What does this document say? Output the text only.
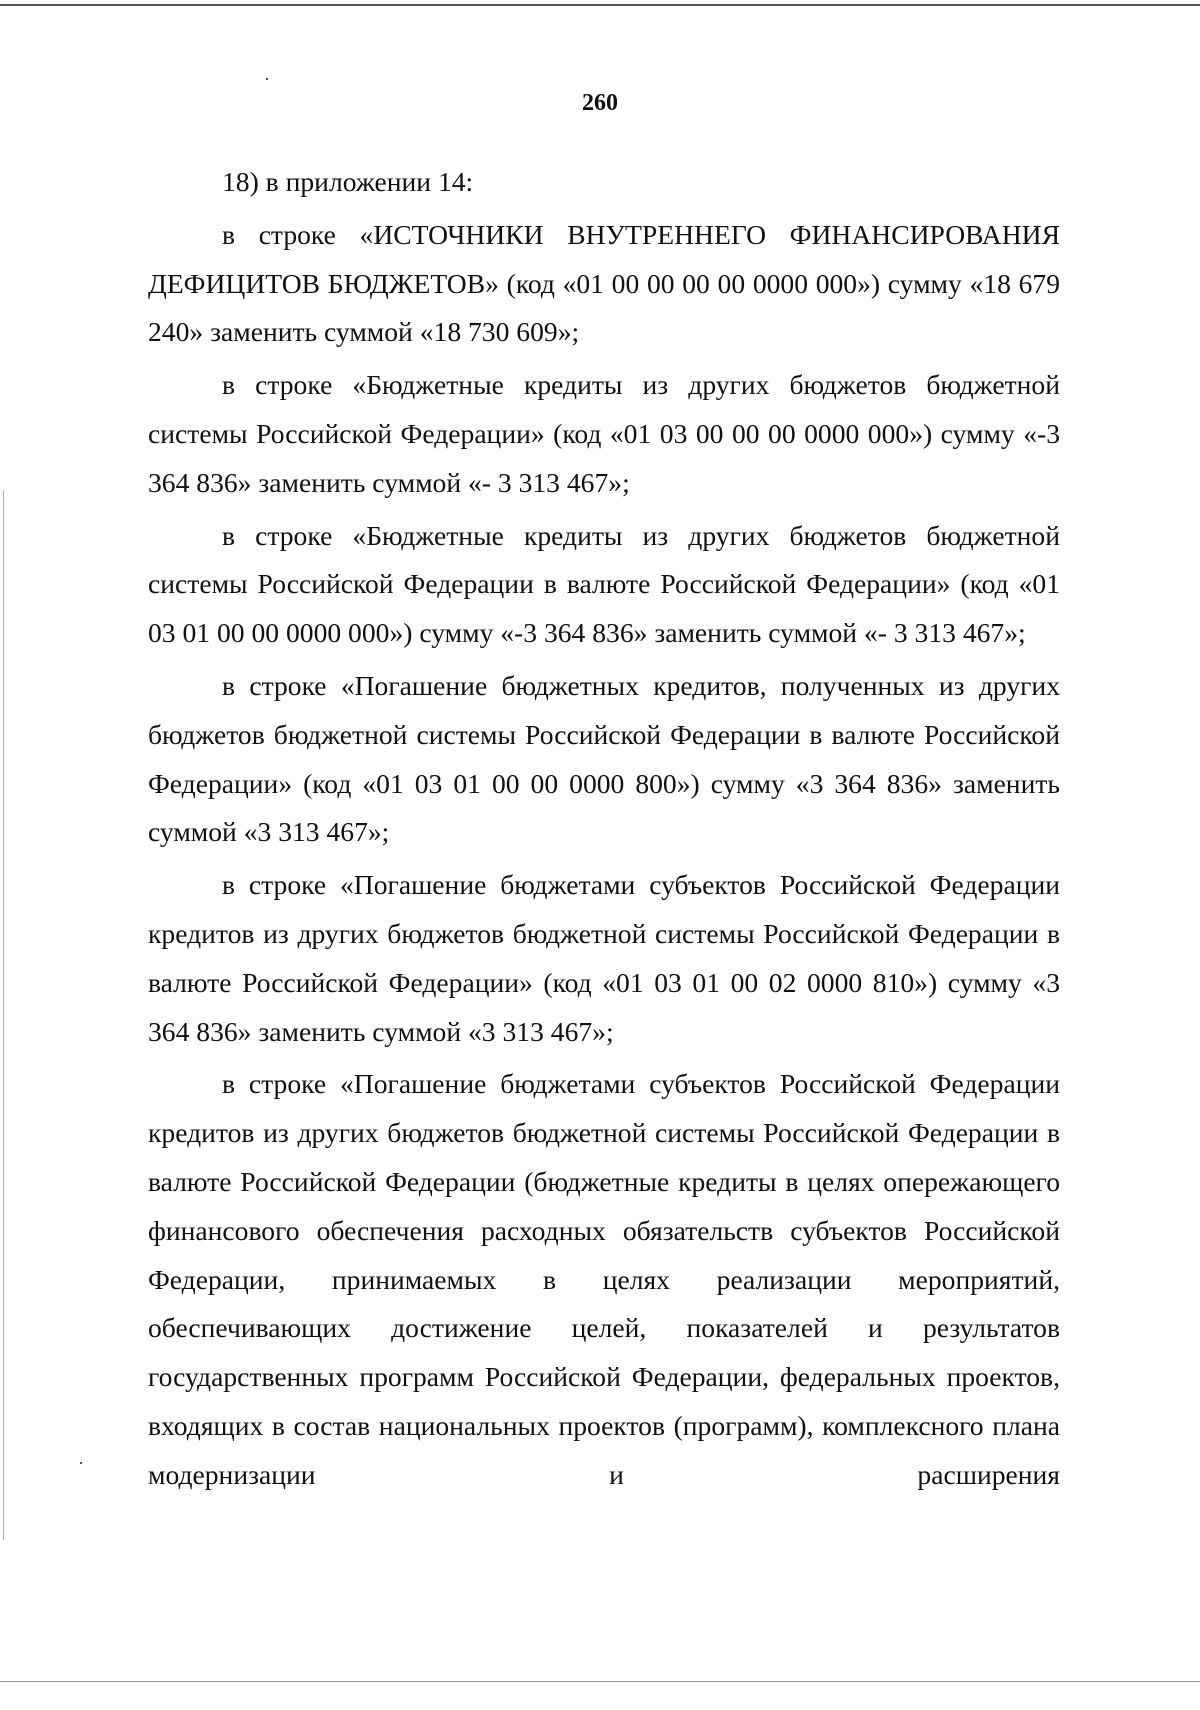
260

18) в приложении 14:

в строке «ИСТОЧНИКИ ВНУТРЕННЕГО ФИНАНСИРОВАНИЯ ДЕФИЦИТОВ БЮДЖЕТОВ» (код «01 00 00 00 00 0000 000») сумму «18 679 240» заменить суммой «18 730 609»;

в строке «Бюджетные кредиты из других бюджетов бюджетной системы Российской Федерации» (код «01 03 00 00 00 0000 000») сумму «-3 364 836» заменить суммой «- 3 313 467»;

в строке «Бюджетные кредиты из других бюджетов бюджетной системы Российской Федерации в валюте Российской Федерации» (код «01 03 01 00 00 0000 000») сумму «-3 364 836» заменить суммой «- 3 313 467»;

в строке «Погашение бюджетных кредитов, полученных из других бюджетов бюджетной системы Российской Федерации в валюте Российской Федерации» (код «01 03 01 00 00 0000 800») сумму «3 364 836» заменить суммой «3 313 467»;

в строке «Погашение бюджетами субъектов Российской Федерации кредитов из других бюджетов бюджетной системы Российской Федерации в валюте Российской Федерации» (код «01 03 01 00 02 0000 810») сумму «3 364 836» заменить суммой «3 313 467»;

в строке «Погашение бюджетами субъектов Российской Федерации кредитов из других бюджетов бюджетной системы Российской Федерации в валюте Российской Федерации (бюджетные кредиты в целях опережающего финансового обеспечения расходных обязательств субъектов Российской Федерации, принимаемых в целях реализации мероприятий, обеспечивающих достижение целей, показателей и результатов государственных программ Российской Федерации, федеральных проектов, входящих в состав национальных проектов (программ), комплексного плана модернизации и расширения
